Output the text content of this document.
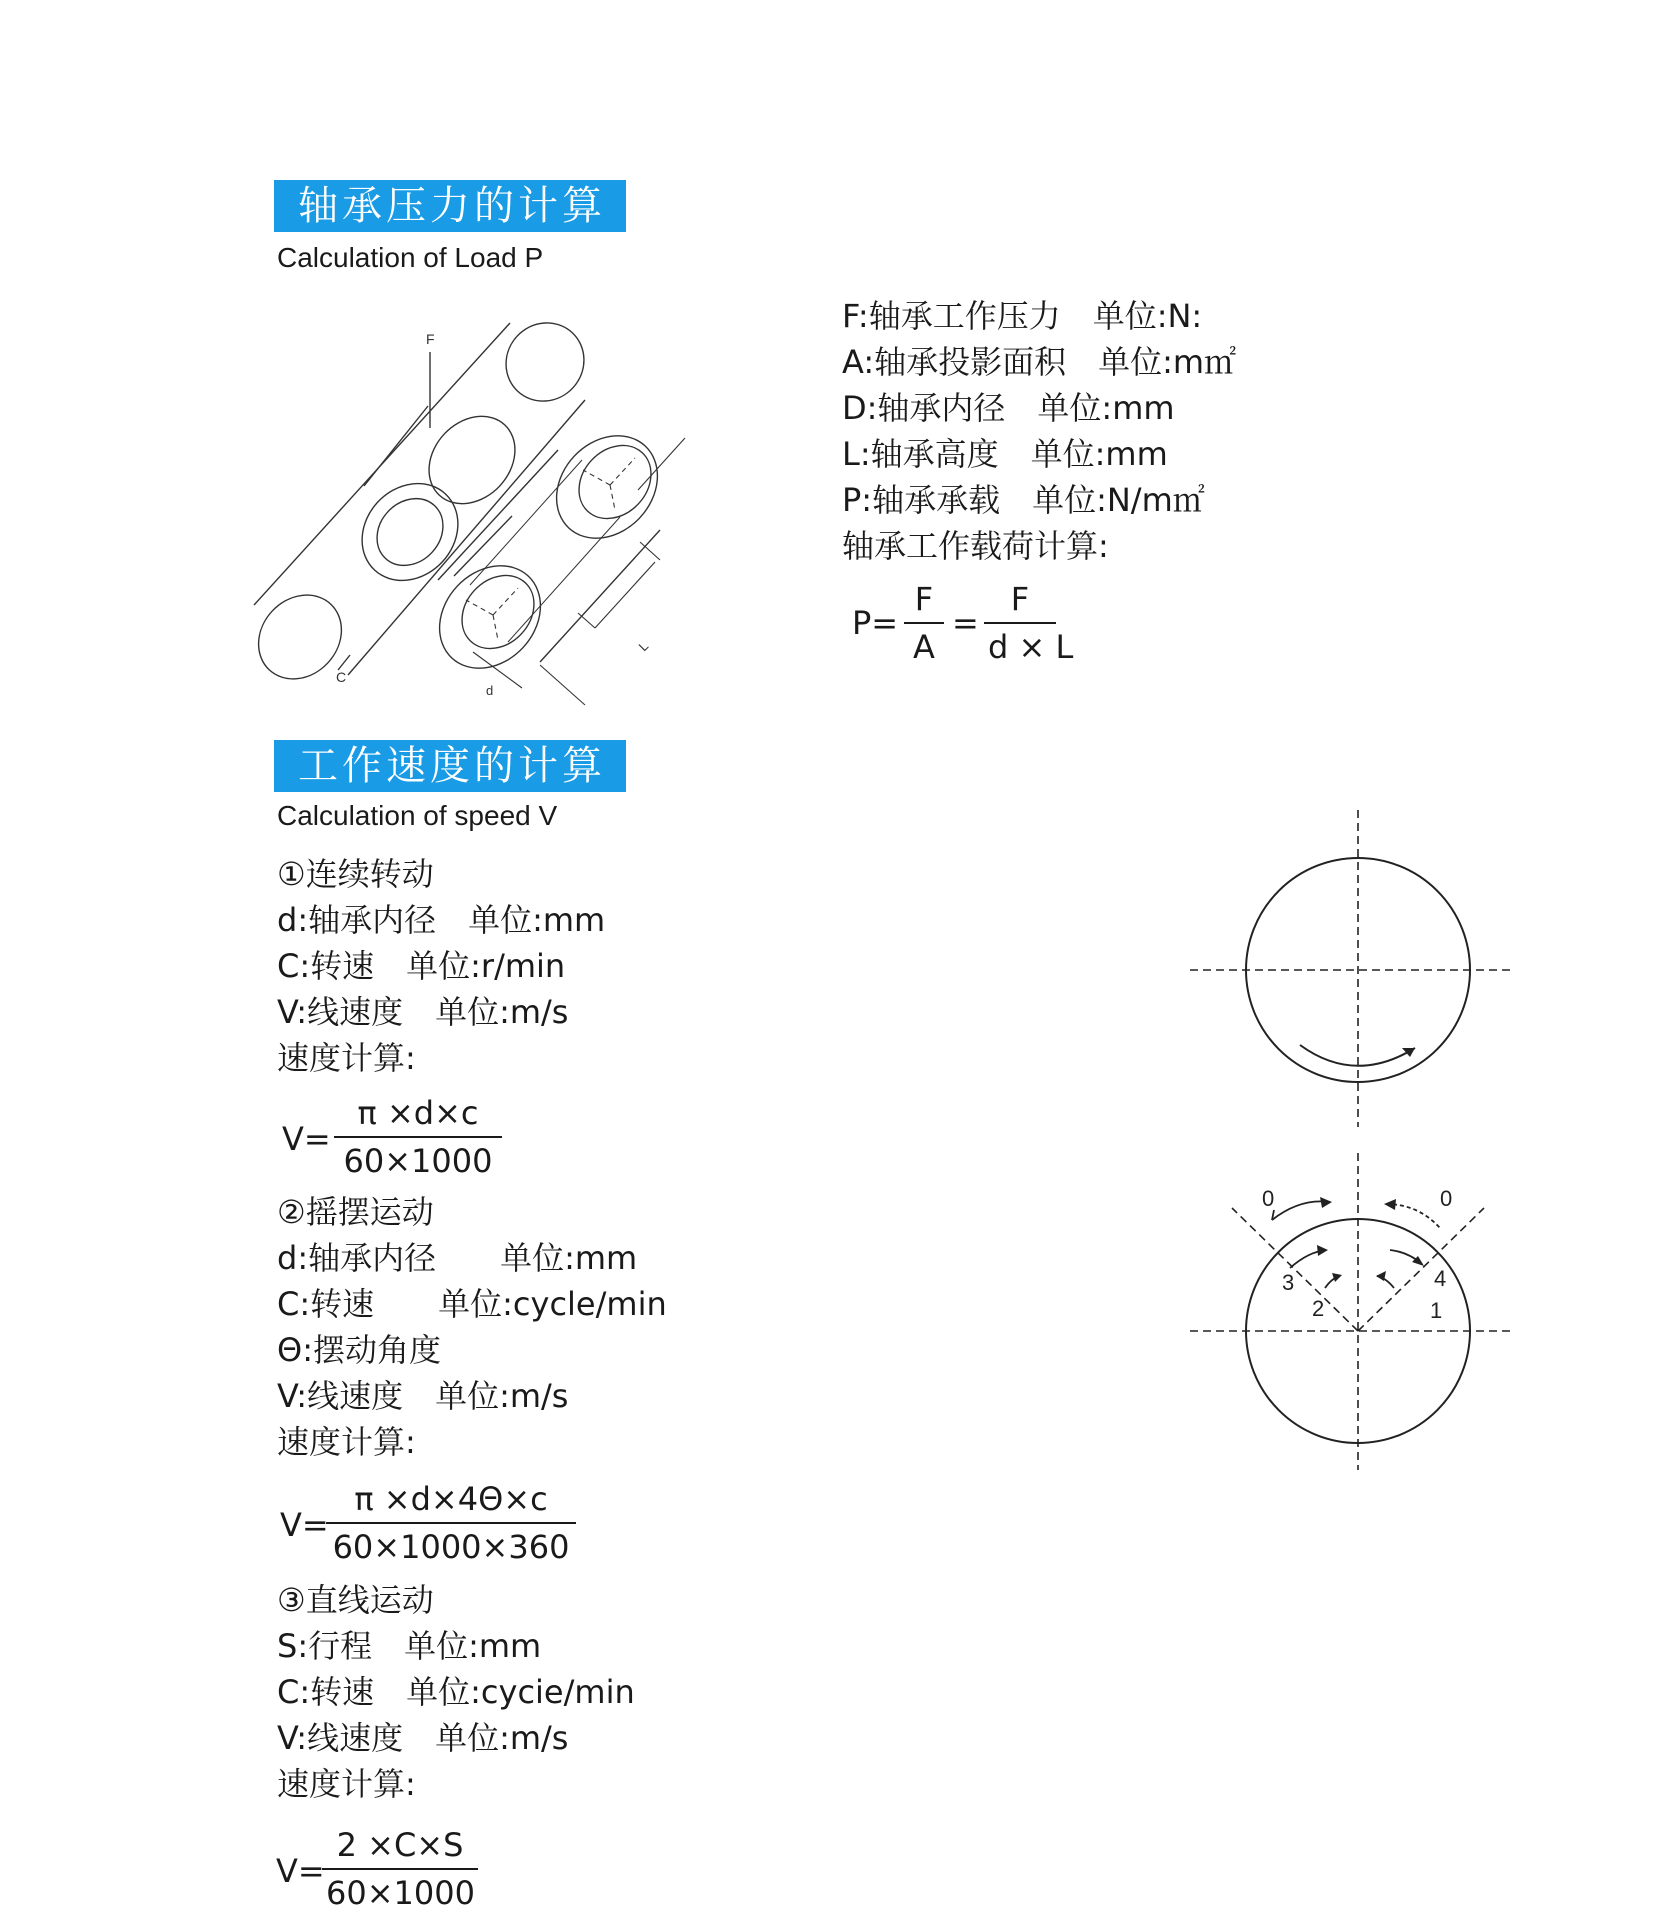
轴承压力的计算
Calculation of Load P
F
C
L
d
F:轴承工作压力　单位:N:
A:轴承投影面积　单位:m㎡
D:轴承内径　单位:mm
L:轴承高度　单位:mm
P:轴承承载　单位:N/m㎡
轴承工作载荷计算:
$P= \frac{F}{A} = \frac{F}{d \times L}$
工作速度的计算
Calculation of speed V
①连续转动
d:轴承内径　单位:mm
C:转速　单位:r/min
V:线速度　单位:m/s
速度计算:
$V= \frac{\pi \times d\times c}{60\times 1000}$
②摇摆运动
d:轴承内径　　单位:mm
C:转速　　单位:cycle/min
Θ:摆动角度
V:线速度　单位:m/s
速度计算:
V=
$\frac{\pi \times d\times 4\Theta\times c}{60\times 1000\times 360}$
③直线运动
S:行程　单位:mm
C:转速　单位:cycie/min
V:线速度　单位:m/s
速度计算:
V=
$\frac{2 \times C\times S}{60\times 1000}$
0	0
1
2
3	4
